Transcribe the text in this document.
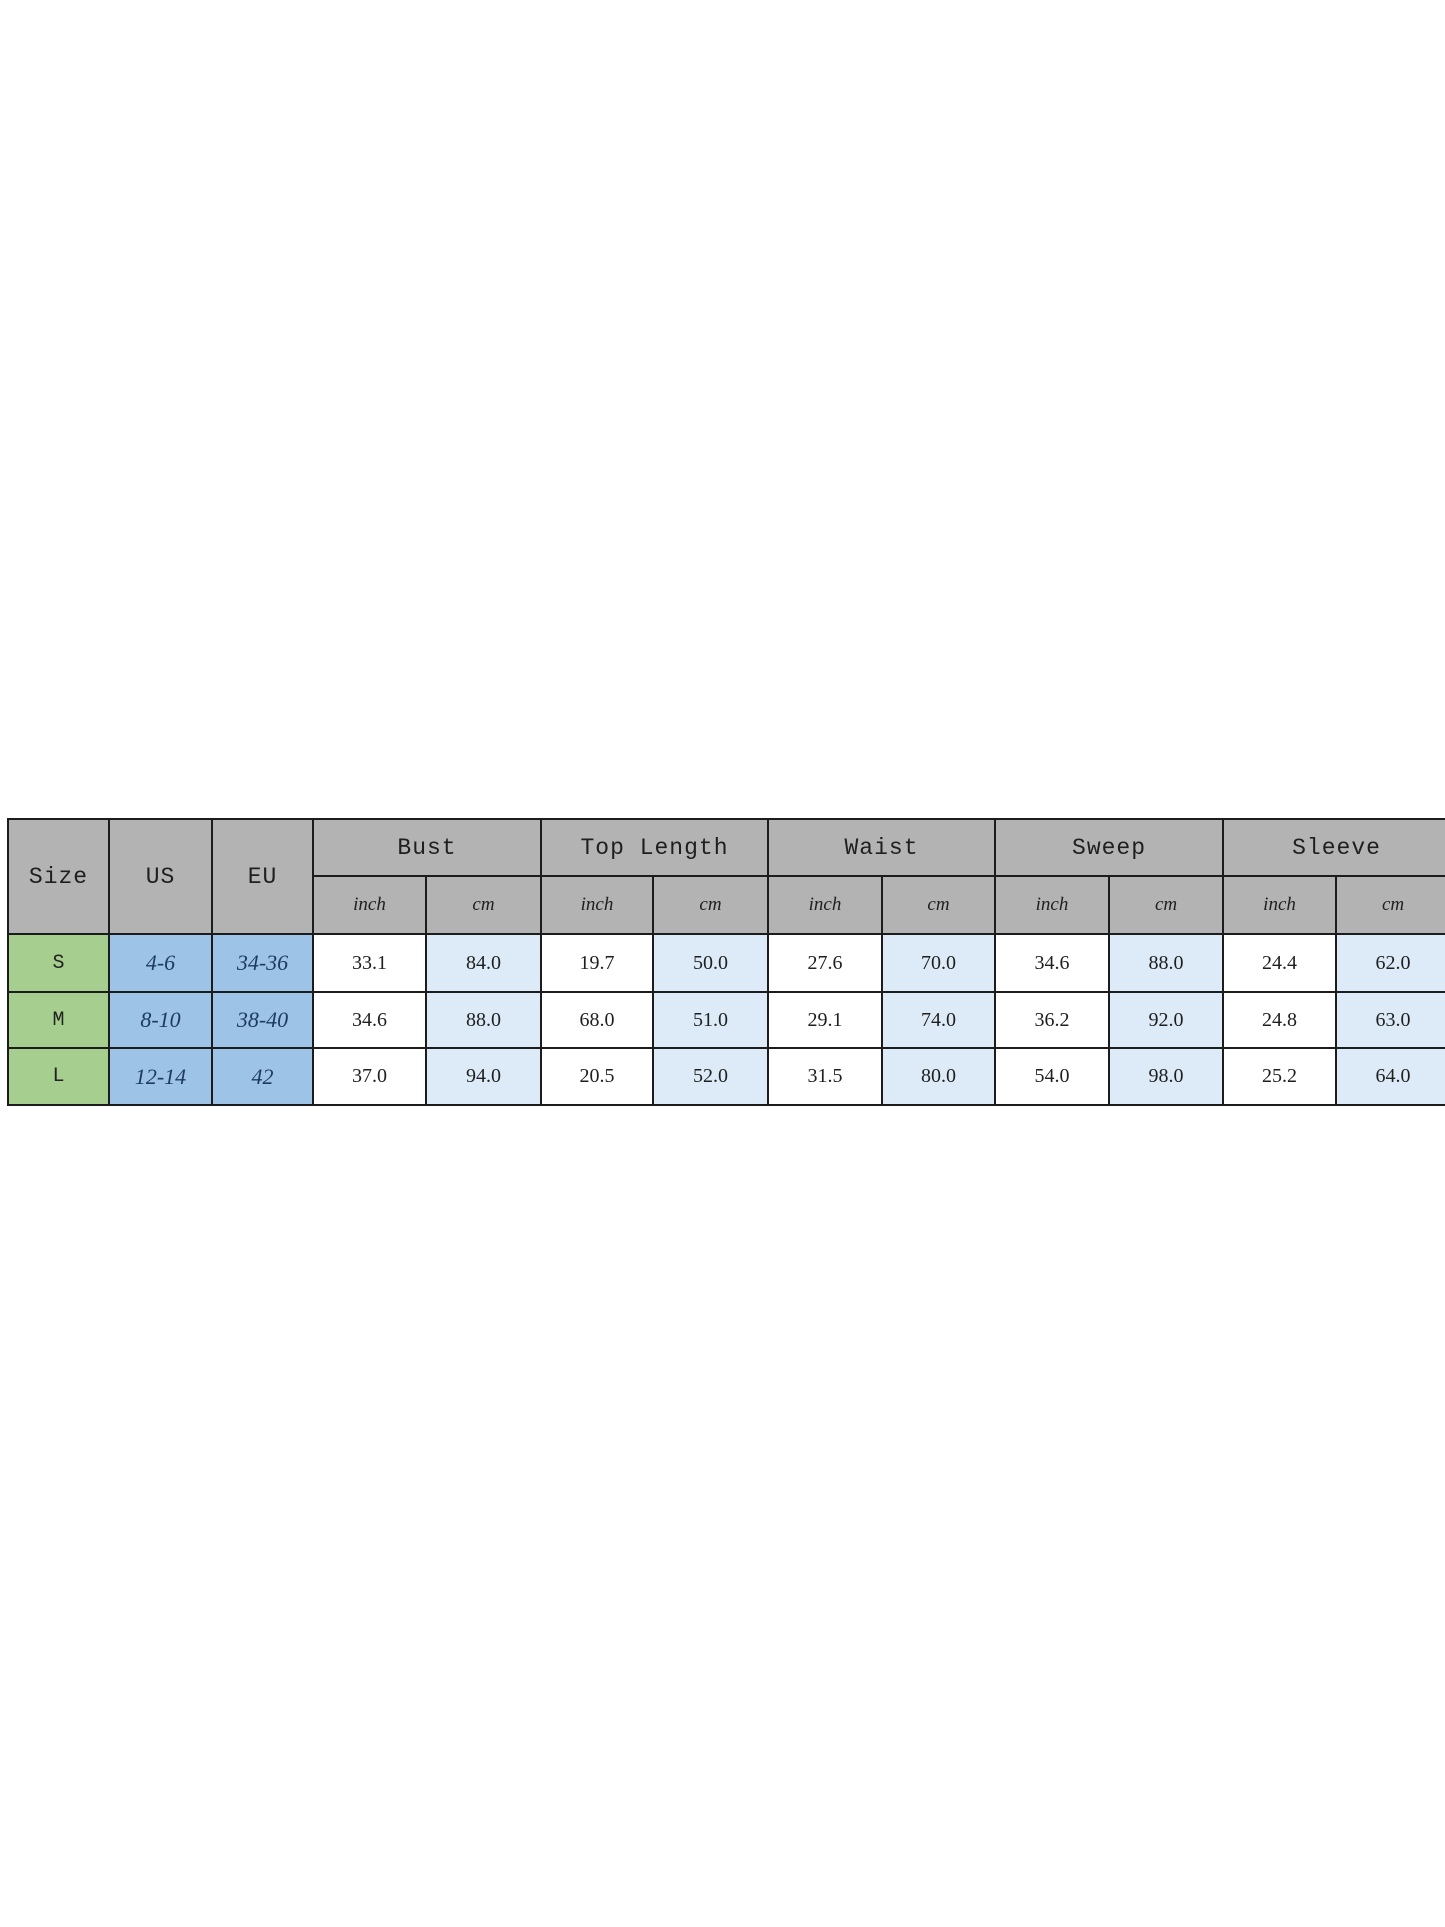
Size	US	EU	Bust		Top Length		Waist		Sweep		Sleeve	
			inch	cm	inch	cm	inch	cm	inch	cm	inch	cm
S	4-6	34-36	33.1	84.0	19.7	50.0	27.6	70.0	34.6	88.0	24.4	62.0
M	8-10	38-40	34.6	88.0	68.0	51.0	29.1	74.0	36.2	92.0	24.8	63.0
L	12-14	42	37.0	94.0	20.5	52.0	31.5	80.0	54.0	98.0	25.2	64.0
